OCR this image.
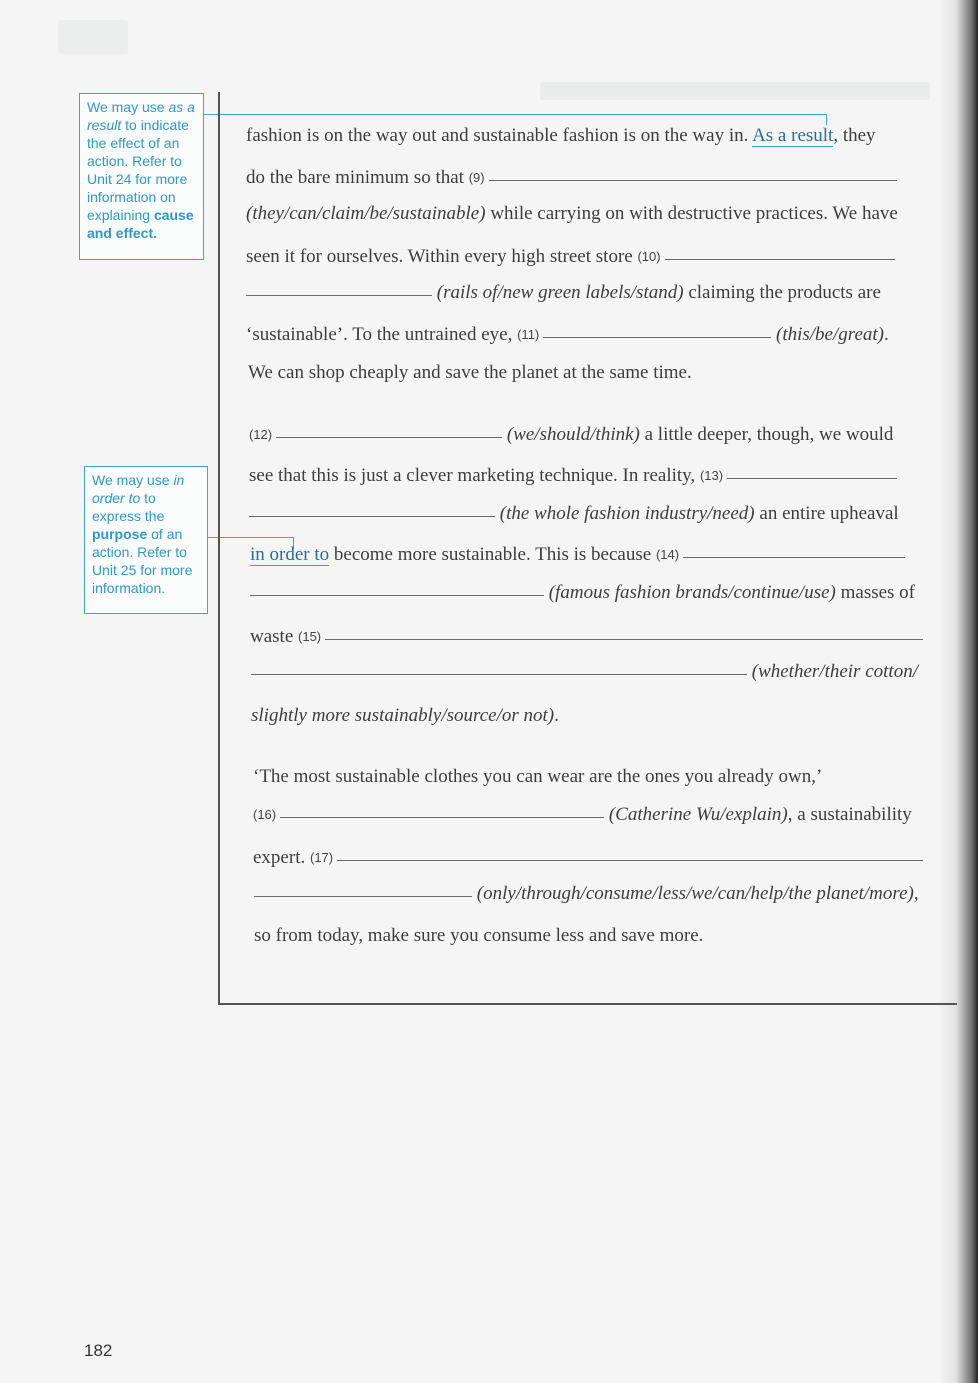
We may use as a result to indicate the effect of an action. Refer to Unit 24 for more information on explaining cause and effect.
We may use in order to to express the purpose of an action. Refer to Unit 25 for more information.
fashion is on the way out and sustainable fashion is on the way in. As a result, they
do the bare minimum so that (9)
(they/can/claim/be/sustainable) while carrying on with destructive practices. We have
seen it for ourselves. Within every high street store (10)
(rails of/new green labels/stand) claiming the products are
‘sustainable’. To the untrained eye, (11)	(this/be/great).
We can shop cheaply and save the planet at the same time.
(12)	(we/should/think) a little deeper, though, we would
see that this is just a clever marketing technique. In reality, (13)
(the whole fashion industry/need) an entire upheaval
in order to become more sustainable. This is because (14)
(famous fashion brands/continue/use) masses of
waste (15)
(whether/their cotton/
slightly more sustainably/source/or not).
‘The most sustainable clothes you can wear are the ones you already own,’
(16)	(Catherine Wu/explain), a sustainability
expert. (17)
(only/through/consume/less/we/can/help/the planet/more),
so from today, make sure you consume less and save more.
182
